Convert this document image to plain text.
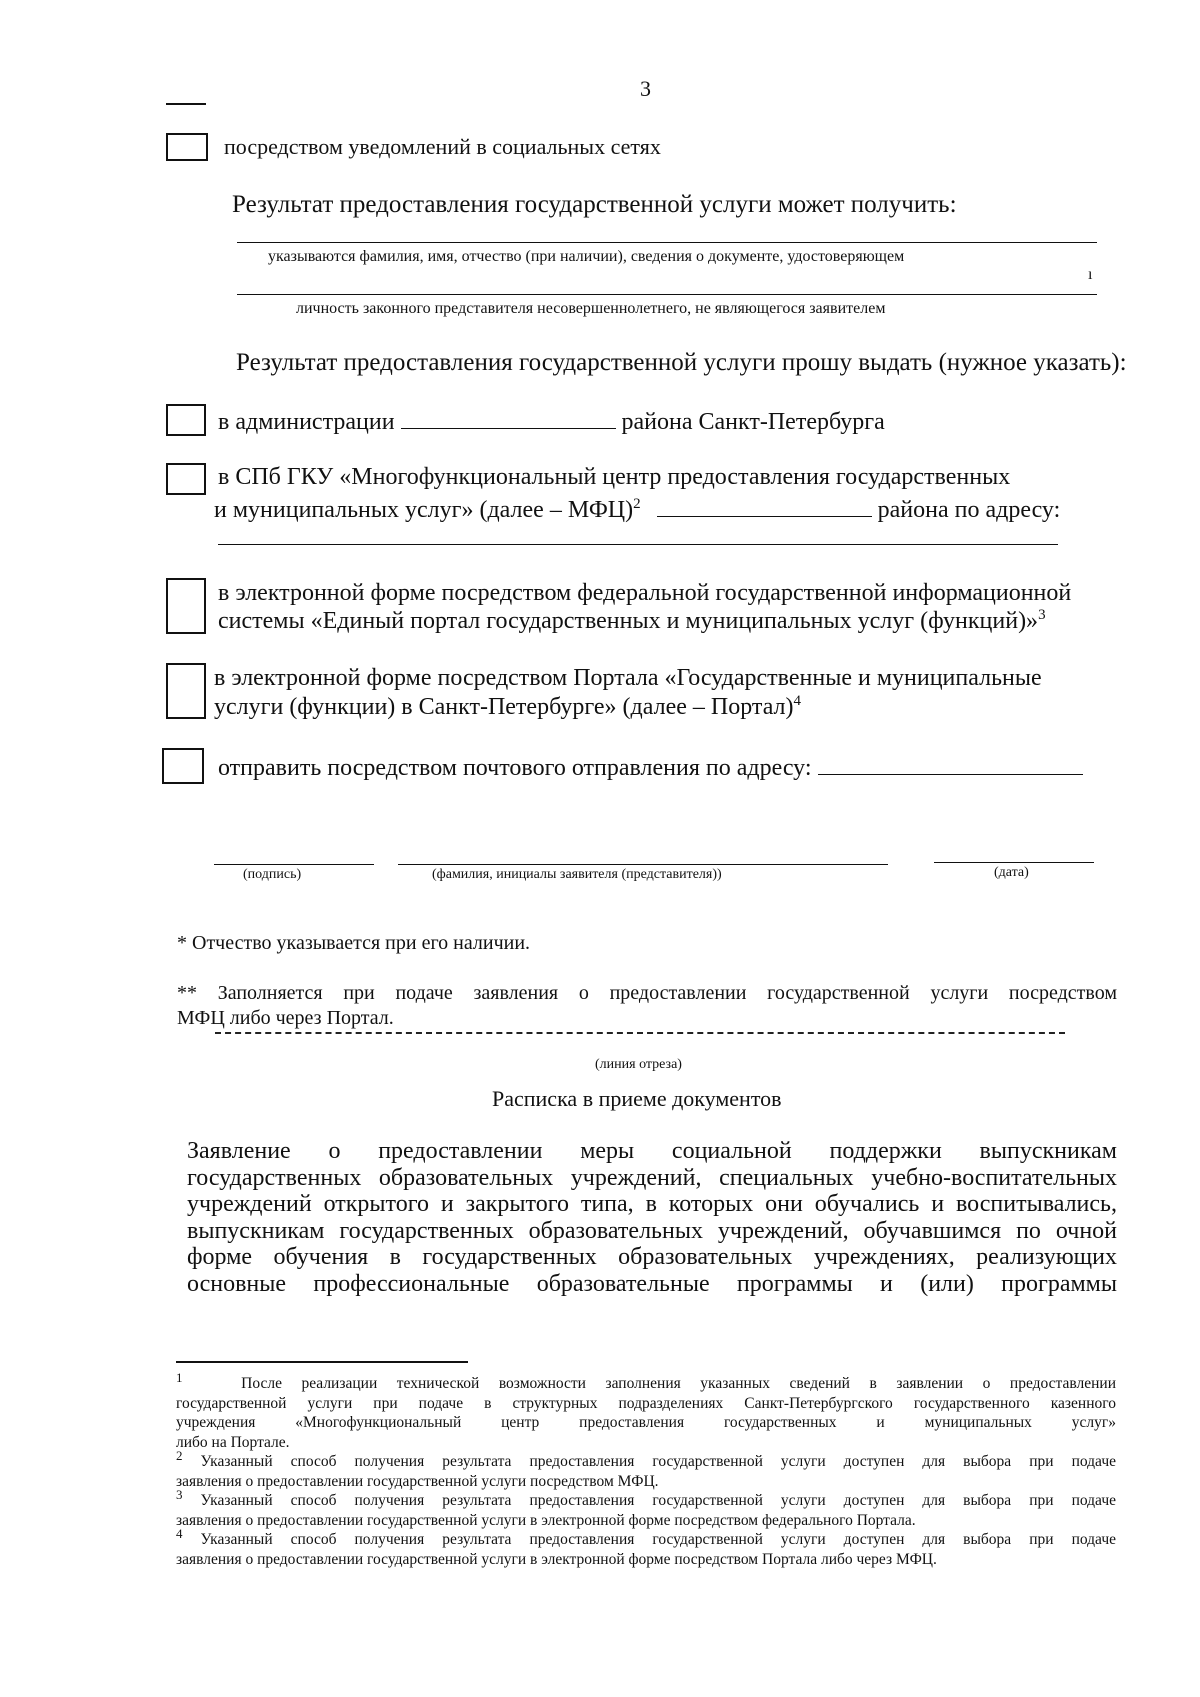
3
посредством уведомлений в социальных сетях
Результат предоставления государственной услуги может получить:
указываются фамилия, имя, отчество (при наличии), сведения о документе, удостоверяющем
ı
личность законного представителя несовершеннолетнего, не являющегося заявителем
Результат предоставления государственной услуги прошу выдать (нужное указать):
в администрации	района Санкт-Петербурга
в СПб ГКУ «Многофункциональный центр предоставления государственных
и муниципальных услуг» (далее – МФЦ)$^2$	района по адресу:
в электронной форме посредством федеральной государственной информационной
системы «Единый портал государственных и муниципальных услуг (функций)»$^3$
в электронной форме посредством Портала «Государственные и муниципальные
услуги (функции) в Санкт-Петербурге» (далее – Портал)$^4$
отправить посредством почтового отправления по адресу:
(подпись)	(фамилия, инициалы заявителя (представителя))	(дата)
* Отчество указывается при его наличии.
** Заполняется при подаче заявления о предоставлении государственной услуги посредством
МФЦ либо через Портал.
(линия отреза)
Расписка в приеме документов
Заявление о предоставлении меры социальной поддержки выпускникам
государственных образовательных учреждений, специальных учебно-воспитательных
учреждений открытого и закрытого типа, в которых они обучались и воспитывались,
выпускникам государственных образовательных учреждений, обучавшимся по очной
форме обучения в государственных образовательных учреждениях, реализующих
основные профессиональные образовательные программы и (или) программы

$^1$	После реализации технической возможности заполнения указанных сведений в заявлении о предоставлении

государственной услуги при подаче в структурных подразделениях Санкт-Петербургского государственного казенного

учреждения «Многофункциональный центр предоставления государственных и муниципальных услуг»

либо на Портале.

$^2$ Указанный способ получения результата предоставления государственной услуги доступен для выбора при подаче

заявления о предоставлении государственной услуги посредством МФЦ.

$^3$ Указанный способ получения результата предоставления государственной услуги доступен для выбора при подаче

заявления о предоставлении государственной услуги в электронной форме посредством федерального Портала.

$^4$ Указанный способ получения результата предоставления государственной услуги доступен для выбора при подаче

заявления о предоставлении государственной услуги в электронной форме посредством Портала либо через МФЦ.
